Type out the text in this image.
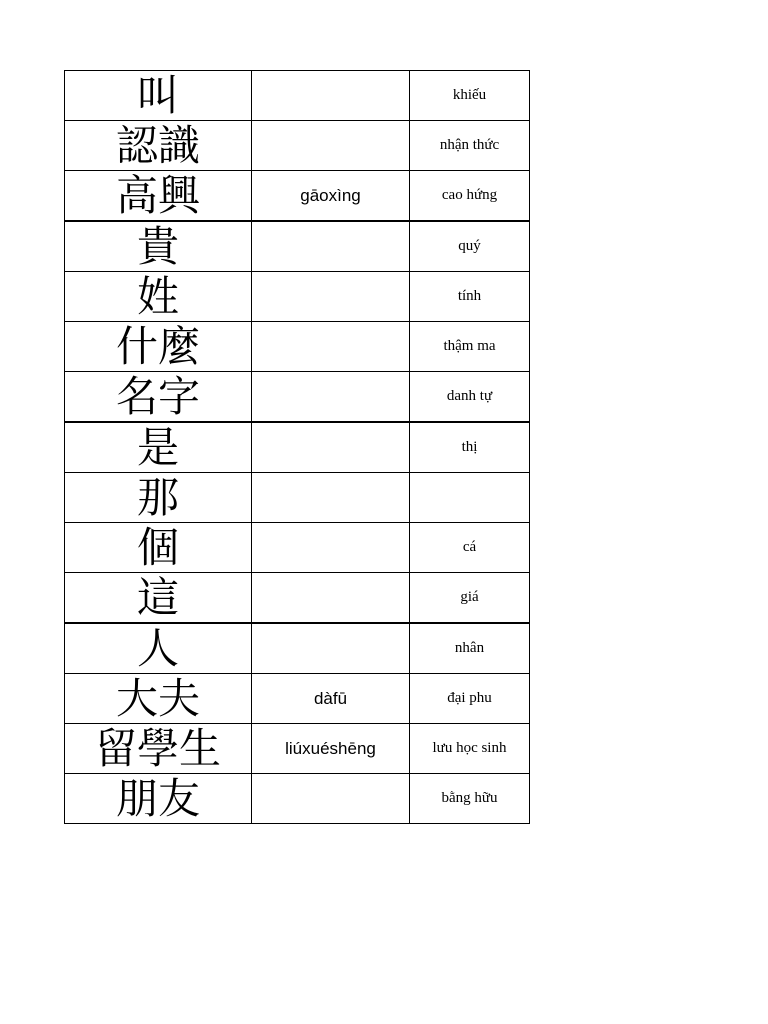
叫		khiếu
認識		nhận thức
高興	gāoxìng	cao hứng
貴		quý
姓		tính
什麼		thậm ma
名字		danh tự
是		thị
那		
個		cá
這		giá
人		nhân
大夫	dàfū	đại phu
留學生	liúxuéshēng	lưu học sinh
朋友		bằng hữu
